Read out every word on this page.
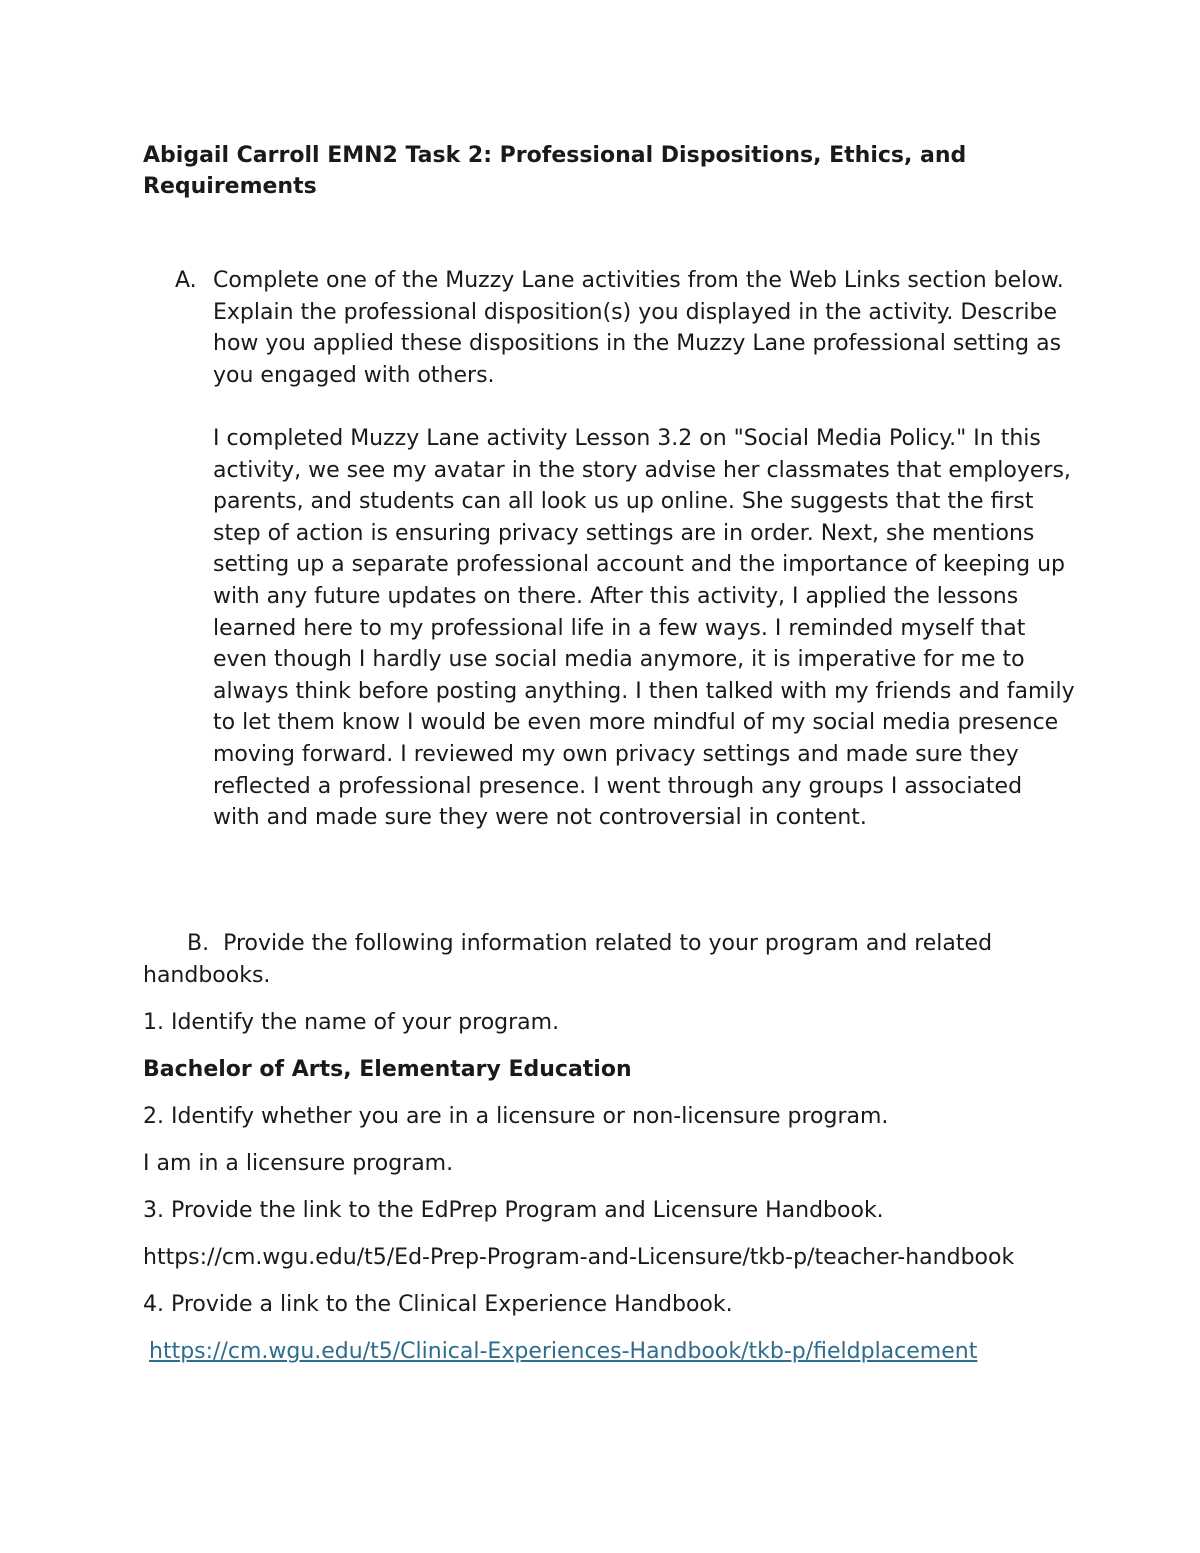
Abigail Carroll EMN2 Task 2: Professional Dispositions, Ethics, and Requirements
A. Complete one of the Muzzy Lane activities from the Web Links section below. Explain the professional disposition(s) you displayed in the activity. Describe how you applied these dispositions in the Muzzy Lane professional setting as you engaged with others.
I completed Muzzy Lane activity Lesson 3.2 on "Social Media Policy." In this activity, we see my avatar in the story advise her classmates that employers, parents, and students can all look us up online. She suggests that the first step of action is ensuring privacy settings are in order. Next, she mentions setting up a separate professional account and the importance of keeping up with any future updates on there. After this activity, I applied the lessons learned here to my professional life in a few ways. I reminded myself that even though I hardly use social media anymore, it is imperative for me to always think before posting anything. I then talked with my friends and family to let them know I would be even more mindful of my social media presence moving forward. I reviewed my own privacy settings and made sure they reflected a professional presence. I went through any groups I associated with and made sure they were not controversial in content.

B. Provide the following information related to your program and related handbooks.

1. Identify the name of your program.

Bachelor of Arts, Elementary Education

2. Identify whether you are in a licensure or non-licensure program.

I am in a licensure program.

3. Provide the link to the EdPrep Program and Licensure Handbook.

https://cm.wgu.edu/t5/Ed-Prep-Program-and-Licensure/tkb-p/teacher-handbook

4. Provide a link to the Clinical Experience Handbook.

https://cm.wgu.edu/t5/Clinical-Experiences-Handbook/tkb-p/fieldplacement
